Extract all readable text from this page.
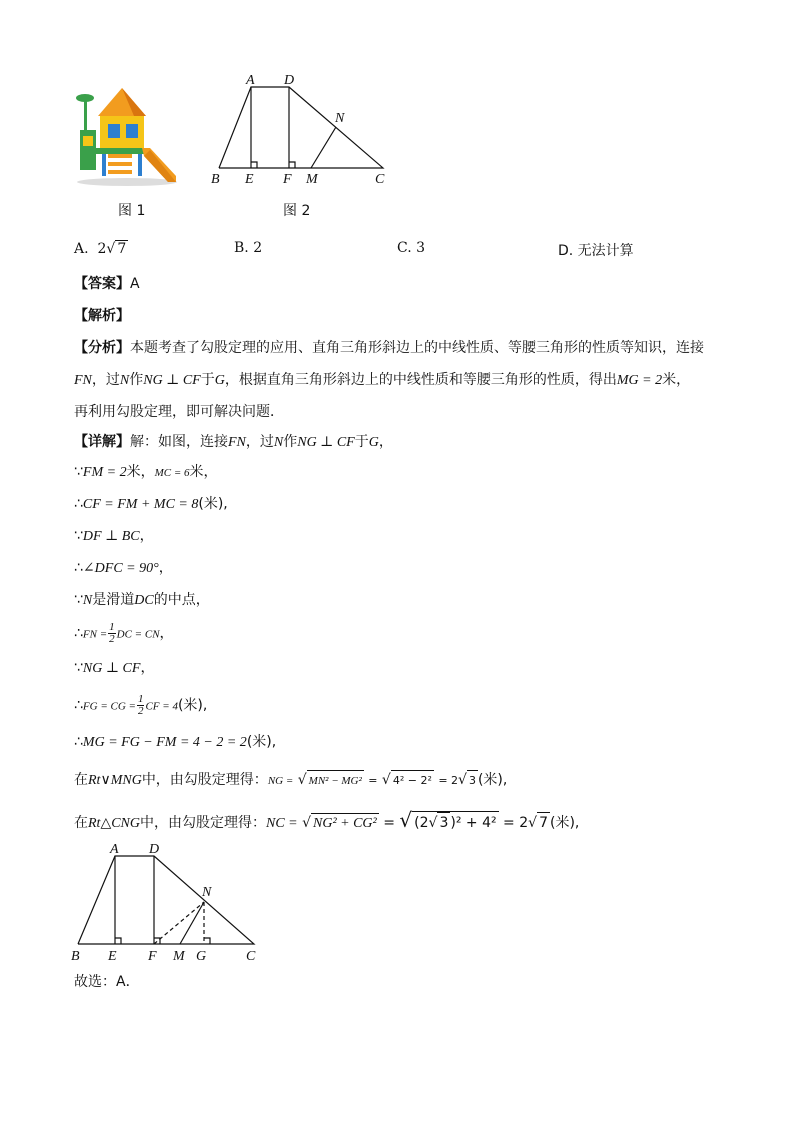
图 1
A D
N
B E F M	C
图 2
A. 2√ 7	B. 2	C. 3	D. 无法计算
【答案】A
【解析】
【分析】本题考查了勾股定理的应用、直角三角形斜边上的中线性质、等腰三角形的性质等知识，连接
FN，过N作NG ⊥ CF于G，根据直角三角形斜边上的中线性质和等腰三角形的性质，得出MG = 2米，
再利用勾股定理，即可解决问题．
【详解】解：如图，连接FN，过N作NG ⊥ CF于G，
∵FM = 2米，MC = 6米，
∴CF = FM + MC = 8(米),
∵DF ⊥ BC，
∴∠DFC = 90°，
∵N是滑道DC的中点，
∴FN = $\frac{1}{2}$ DC = CN，
∵NG ⊥ CF，
∴FG = CG = $\frac{1}{2}$ CF = 4(米),
∴MG = FG − FM = 4 − 2 = 2(米),
在Rt∨MNG中，由勾股定理得：NG = √ MN² − MG² = √ 4² − 2² = 2√ 3 (米),
在Rt△CNG中，由勾股定理得：NC = √ NG² + CG² = √ (2√ 3 )² + 4² = 2√ 7 (米),
A D
N
B E F M G	C
故选：A．
